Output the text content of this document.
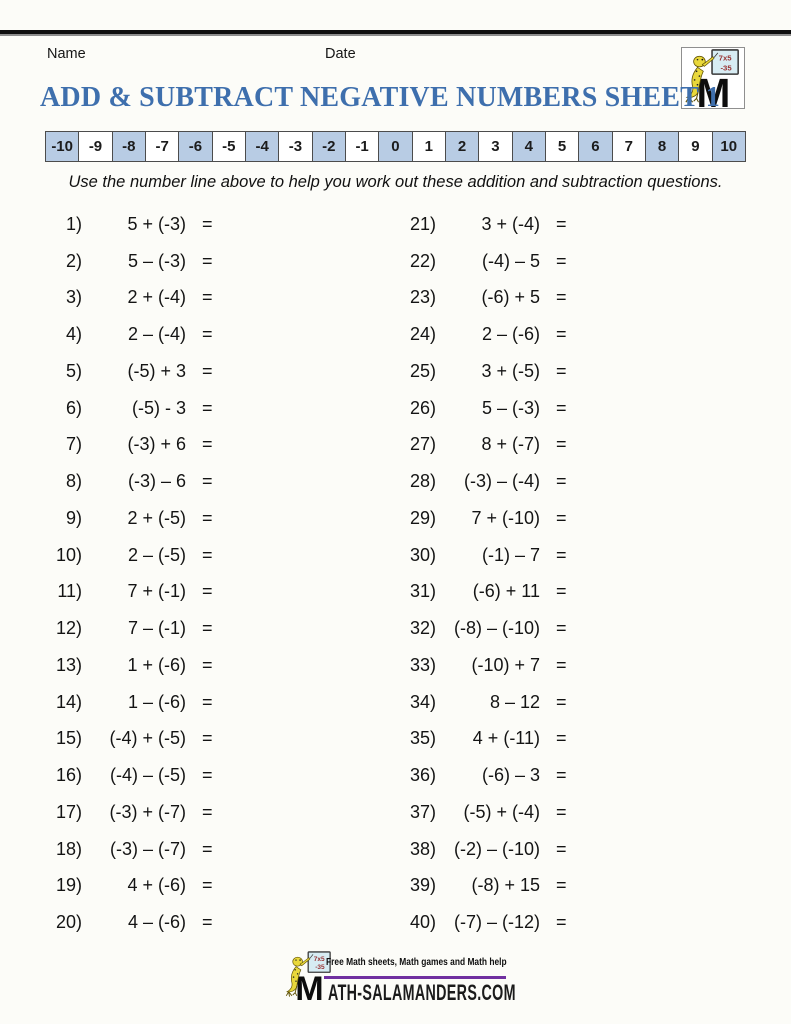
Name	Date
ADD & SUBTRACT NEGATIVE NUMBERS SHEET 1
-10	-9	-8	-7	-6	-5	-4	-3	-2	-1	0	1	2	3	4	5	6	7	8	9	10
Use the number line above to help you work out these addition and subtraction questions.
1)	5 + (-3) =
2)	5 – (-3) =
3)	2 + (-4) =
4)	2 – (-4) =
5)	(-5) + 3 =
6)	(-5) - 3 =
7)	(-3) + 6 =
8)	(-3) – 6 =
9)	2 + (-5) =
10)	2 – (-5) =
11)	7 + (-1) =
12)	7 – (-1) =
13)	1 + (-6) =
14)	1 – (-6) =
15)	(-4) + (-5) =
16)	(-4) – (-5) =
17)	(-3) + (-7) =
18)	(-3) – (-7) =
19)	4 + (-6) =
20)	4 – (-6) =
21)	3 + (-4) =
22)	(-4) – 5 =
23)	(-6) + 5 =
24)	2 – (-6) =
25)	3 + (-5) =
26)	5 – (-3) =
27)	8 + (-7) =
28)	(-3) – (-4) =
29)	7 + (-10) =
30)	(-1) – 7 =
31)	(-6) + 11 =
32) (-8) – (-10) =
33)	(-10) + 7 =
34)	8 – 12 =
35)	4 + (-11) =
36)	(-6) – 3 =
37)	(-5) + (-4) =
38) (-2) – (-10) =
39)	(-8) + 15 =
40) (-7) – (-12) =
Free Math sheets, Math games and Math help
ATH-SALAMANDERS.COM
